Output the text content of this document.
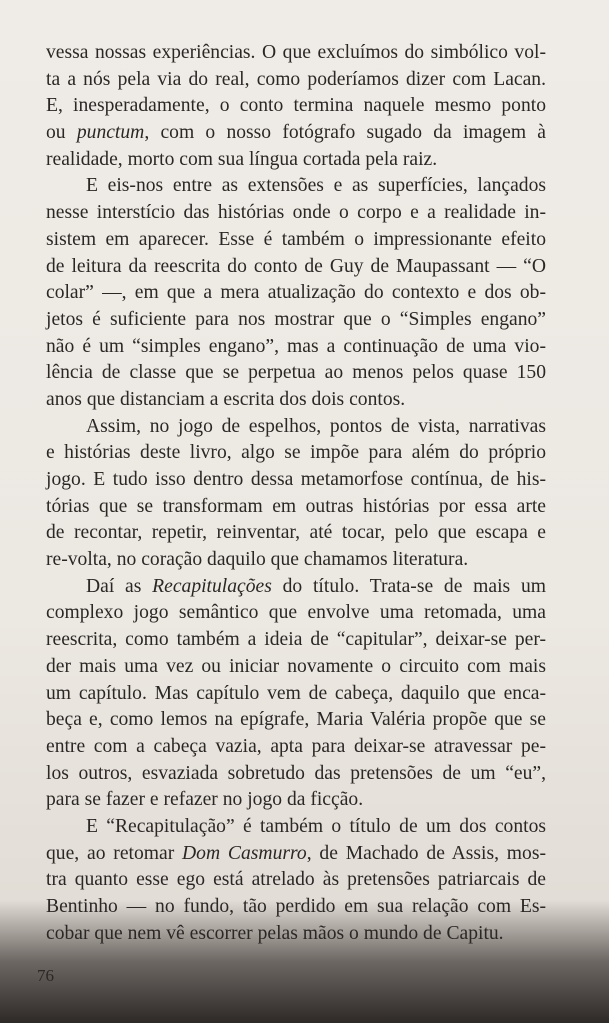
vessa nossas experiências. O que excluímos do simbólico vol-
ta a nós pela via do real, como poderíamos dizer com Lacan.
E, inesperadamente, o conto termina naquele mesmo ponto
ou punctum, com o nosso fotógrafo sugado da imagem à
realidade, morto com sua língua cortada pela raiz.
E eis-nos entre as extensões e as superfícies, lançados
nesse interstício das histórias onde o corpo e a realidade in-
sistem em aparecer. Esse é também o impressionante efeito
de leitura da reescrita do conto de Guy de Maupassant — “O
colar” —, em que a mera atualização do contexto e dos ob-
jetos é suficiente para nos mostrar que o “Simples engano”
não é um “simples engano”, mas a continuação de uma vio-
lência de classe que se perpetua ao menos pelos quase 150
anos que distanciam a escrita dos dois contos.
Assim, no jogo de espelhos, pontos de vista, narrativas
e histórias deste livro, algo se impõe para além do próprio
jogo. E tudo isso dentro dessa metamorfose contínua, de his-
tórias que se transformam em outras histórias por essa arte
de recontar, repetir, reinventar, até tocar, pelo que escapa e
re-volta, no coração daquilo que chamamos literatura.
Daí as Recapitulações do título. Trata-se de mais um
complexo jogo semântico que envolve uma retomada, uma
reescrita, como também a ideia de “capitular”, deixar-se per-
der mais uma vez ou iniciar novamente o circuito com mais
um capítulo. Mas capítulo vem de cabeça, daquilo que enca-
beça e, como lemos na epígrafe, Maria Valéria propõe que se
entre com a cabeça vazia, apta para deixar-se atravessar pe-
los outros, esvaziada sobretudo das pretensões de um “eu”,
para se fazer e refazer no jogo da ficção.
E “Recapitulação” é também o título de um dos contos
que, ao retomar Dom Casmurro, de Machado de Assis, mos-
tra quanto esse ego está atrelado às pretensões patriarcais de
Bentinho — no fundo, tão perdido em sua relação com Es-
cobar que nem vê escorrer pelas mãos o mundo de Capitu.
76
